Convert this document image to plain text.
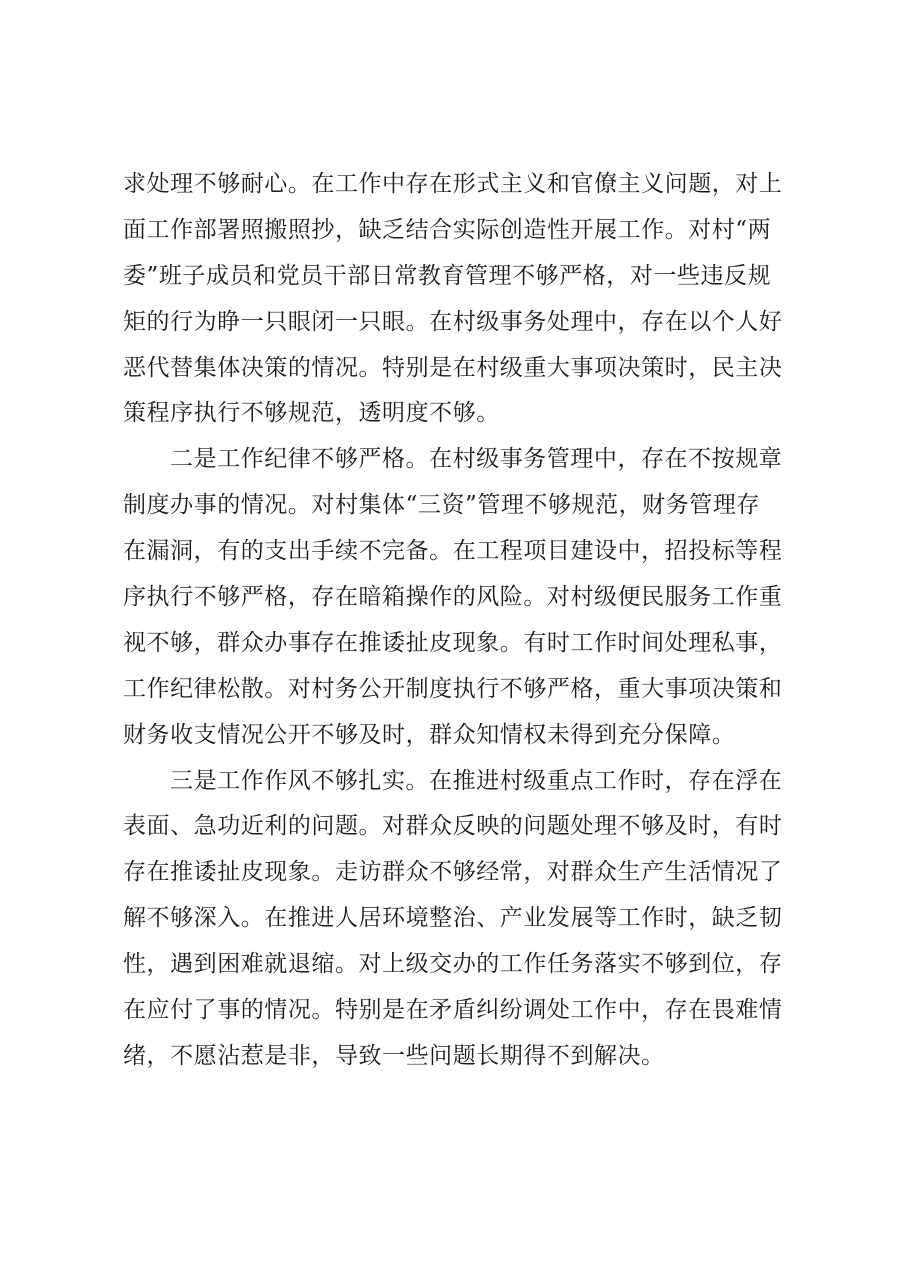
求处理不够耐心。在工作中存在形式主义和官僚主义问题，对上
面工作部署照搬照抄，缺乏结合实际创造性开展工作。对村“两
委”班子成员和党员干部日常教育管理不够严格，对一些违反规
矩的行为睁一只眼闭一只眼。在村级事务处理中，存在以个人好
恶代替集体决策的情况。特别是在村级重大事项决策时，民主决
策程序执行不够规范，透明度不够。

二是工作纪律不够严格。在村级事务管理中，存在不按规章
制度办事的情况。对村集体“三资”管理不够规范，财务管理存
在漏洞，有的支出手续不完备。在工程项目建设中，招投标等程
序执行不够严格，存在暗箱操作的风险。对村级便民服务工作重
视不够，群众办事存在推诿扯皮现象。有时工作时间处理私事，
工作纪律松散。对村务公开制度执行不够严格，重大事项决策和
财务收支情况公开不够及时，群众知情权未得到充分保障。

三是工作作风不够扎实。在推进村级重点工作时，存在浮在
表面、急功近利的问题。对群众反映的问题处理不够及时，有时
存在推诿扯皮现象。走访群众不够经常，对群众生产生活情况了
解不够深入。在推进人居环境整治、产业发展等工作时，缺乏韧
性，遇到困难就退缩。对上级交办的工作任务落实不够到位，存
在应付了事的情况。特别是在矛盾纠纷调处工作中，存在畏难情
绪，不愿沾惹是非，导致一些问题长期得不到解决。
